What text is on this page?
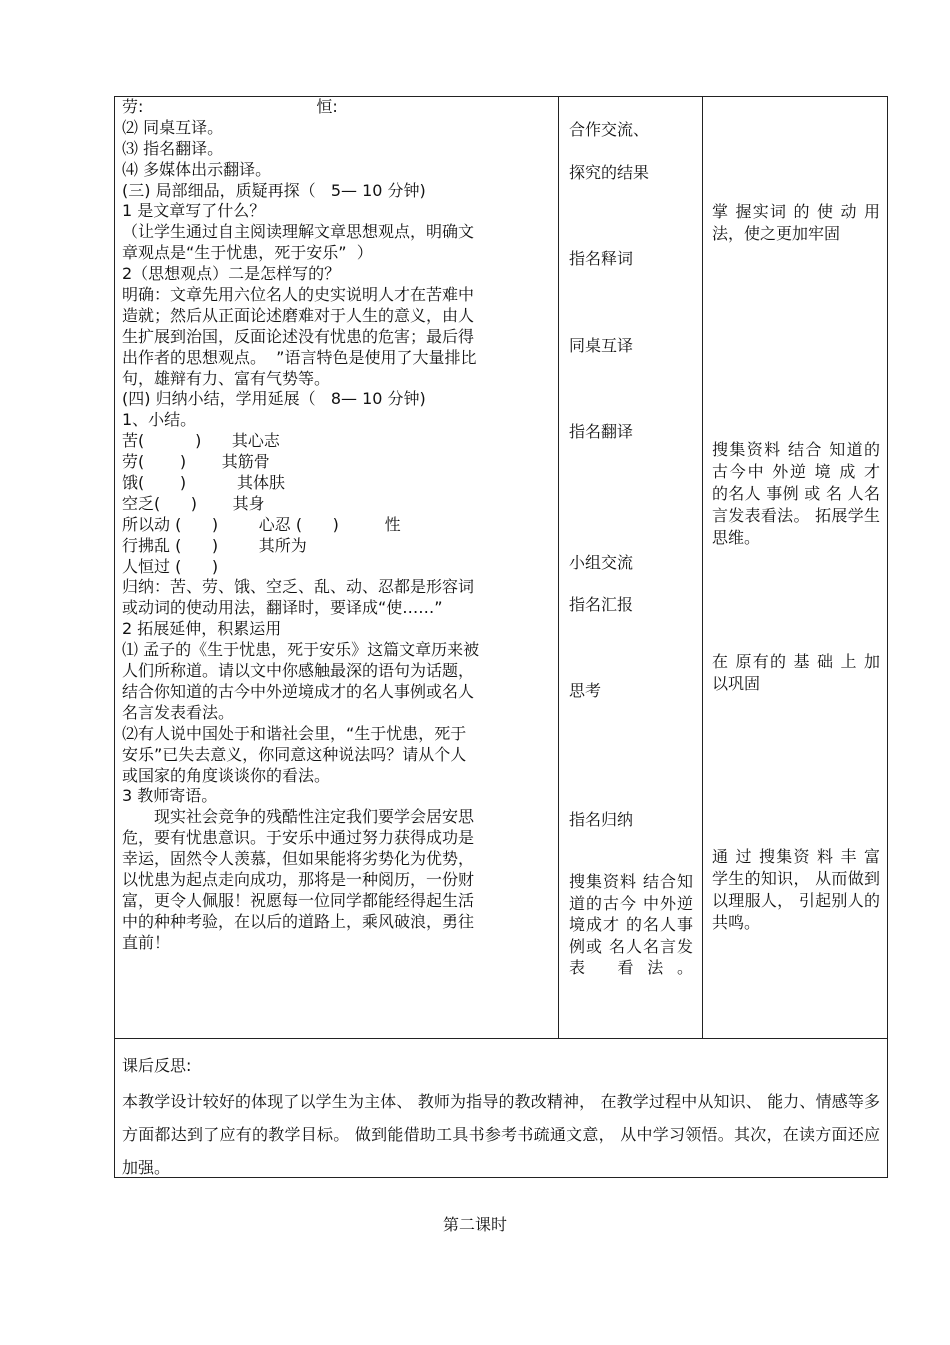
劳:                                  恒:
⑵ 同桌互译。
⑶ 指名翻译。
⑷ 多媒体出示翻译。
(三) 局部细品，质疑再探（   5— 10 分钟)
1 是文章写了什么？
（让学生通过自主阅读理解文章思想观点，明确文
章观点是“生于忧患，死于安乐”  ）
2（思想观点）二是怎样写的？
明确：文章先用六位名人的史实说明人才在苦难中
造就；然后从正面论述磨难对于人生的意义，由人
生扩展到治国，反面论述没有忧患的危害；最后得
出作者的思想观点。  ”语言特色是使用了大量排比
句，雄辩有力、富有气势等。
(四) 归纳小结，学用延展（   8— 10 分钟)
1、小结。
苦(          )      其心志
劳(       )       其筋骨
饿(       )          其体肤
空乏(      )       其身
所以动 (      )        心忍 (      )         性
行拂乱 (      )        其所为
人恒过 (      )
归纳：苦、劳、饿、空乏、乱、动、忍都是形容词
或动词的使动用法，翻译时，要译成“使……”
2 拓展延伸，积累运用
⑴ 孟子的《生于忧患，死于安乐》这篇文章历来被
人们所称道。请以文中你感触最深的语句为话题，
结合你知道的古今中外逆境成才的名人事例或名人
名言发表看法。
⑵有人说中国处于和谐社会里，“生于忧患，死于
安乐”已失去意义，你同意这种说法吗？请从个人
或国家的角度谈谈你的看法。
3 教师寄语。
现实社会竞争的残酷性注定我们要学会居安思
危，要有忧患意识。于安乐中通过努力获得成功是
幸运，固然令人羡慕，但如果能将劣势化为优势，
以忧患为起点走向成功，那将是一种阅历，一份财
富，更令人佩服！祝愿每一位同学都能经得起生活
中的种种考验，在以后的道路上，乘风破浪，勇往
直前！
合作交流、
探究的结果
指名释词
同桌互译
指名翻译
小组交流
指名汇报
思考
指名归纳
搜集资料 结合知道的古今 中外逆境成才 的名人事例或 名人名言发表 看法。
掌 握实词 的 使 动 用法，使之更加牢固
搜集资料 结合 知道的 古今中 外逆 境 成 才 的名人 事例 或 名 人名言发表看法。 拓展学生思维。
在 原有的 基 础 上 加以巩固
通 过 搜集资 料 丰 富学生的知识， 从而做到以理服人， 引起别人的共鸣。
课后反思:
本教学设计较好的体现了以学生为主体、 教师为指导的教改精神， 在教学过程中从知识、 能力、情感等多方面都达到了应有的教学目标。 做到能借助工具书参考书疏通文意， 从中学习领悟。其次，在读方面还应加强。
第二课时
